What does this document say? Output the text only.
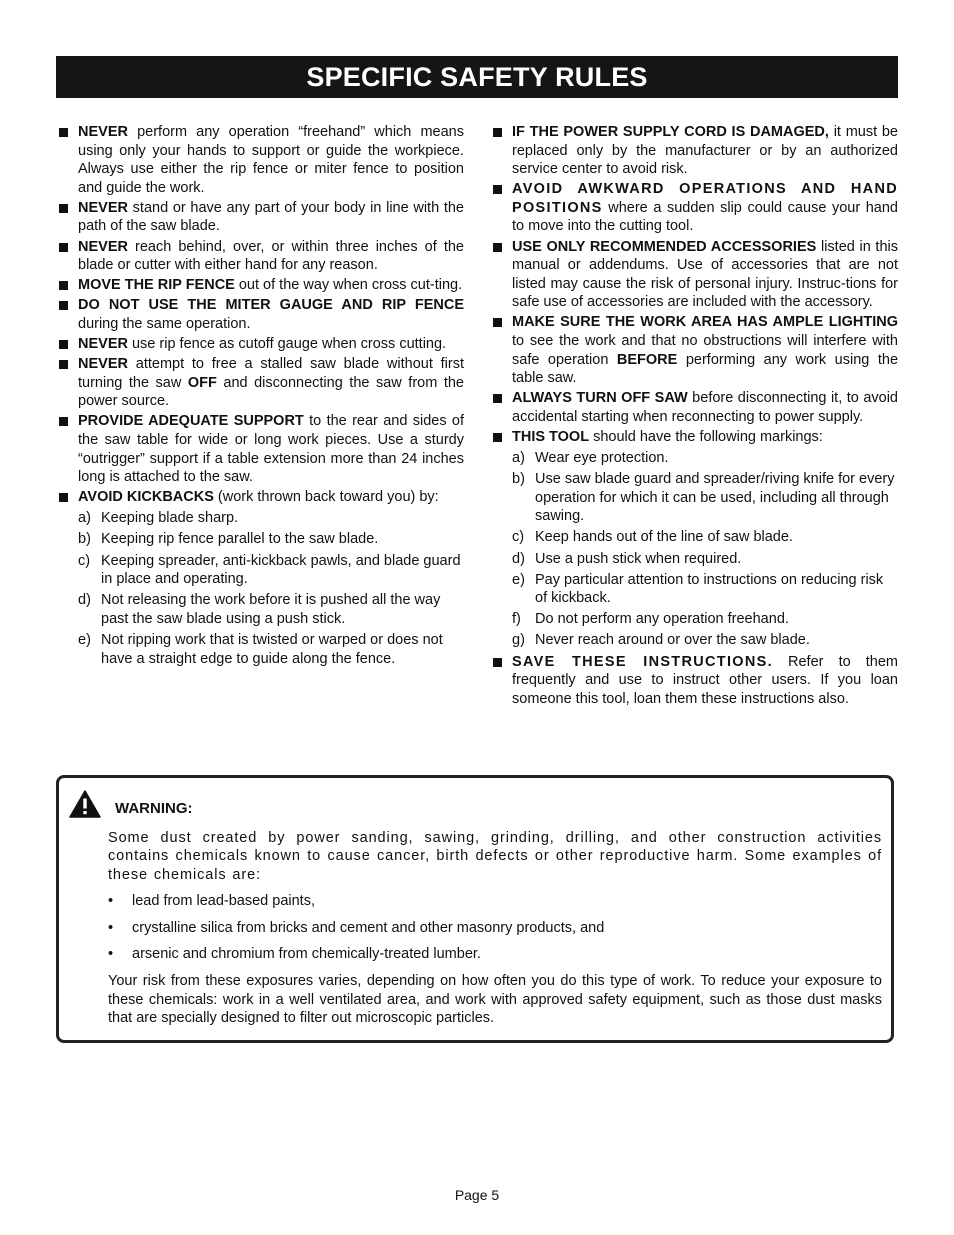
SPECIFIC SAFETY RULES
NEVER perform any operation “freehand” which means using only your hands to support or guide the workpiece. Always use either the rip fence or miter fence to position and guide the work.
NEVER stand or have any part of your body in line with the path of the saw blade.
NEVER reach behind, over, or within three inches of the blade or cutter with either hand for any reason.
MOVE THE RIP FENCE out of the way when cross cut-ting.
DO NOT USE THE MITER GAUGE AND RIP FENCE during the same operation.
NEVER use rip fence as cutoff gauge when cross cutting.
NEVER attempt to free a stalled saw blade without first turning the saw OFF and disconnecting the saw from the power source.
PROVIDE ADEQUATE SUPPORT to the rear and sides of the saw table for wide or long work pieces. Use a sturdy “outrigger” support if a table extension more than 24 inches long is attached to the saw.
AVOID KICKBACKS (work thrown back toward you) by:
a) Keeping blade sharp.
b) Keeping rip fence parallel to the saw blade.
c) Keeping spreader, anti-kickback pawls, and blade guard in place and operating.
d) Not releasing the work before it is pushed all the way past the saw blade using a push stick.
e) Not ripping work that is twisted or warped or does not have a straight edge to guide along the fence.
IF THE POWER SUPPLY CORD IS DAMAGED, it must be replaced only by the manufacturer or by an authorized service center to avoid risk.
AVOID AWKWARD OPERATIONS AND HAND POSITIONS where a sudden slip could cause your hand to move into the cutting tool.
USE ONLY RECOMMENDED ACCESSORIES listed in this manual or addendums. Use of accessories that are not listed may cause the risk of personal injury. Instruc-tions for safe use of accessories are included with the accessory.
MAKE SURE THE WORK AREA HAS AMPLE LIGHTING to see the work and that no obstructions will interfere with safe operation BEFORE performing any work using the table saw.
ALWAYS TURN OFF SAW before disconnecting it, to avoid accidental starting when reconnecting to power supply.
THIS TOOL should have the following markings:
a) Wear eye protection.
b) Use saw blade guard and spreader/riving knife for every operation for which it can be used, including all through sawing.
c) Keep hands out of the line of saw blade.
d) Use a push stick when required.
e) Pay particular attention to instructions on reducing risk of kickback.
f) Do not perform any operation freehand.
g) Never reach around or over the saw blade.
SAVE THESE INSTRUCTIONS. Refer to them frequently and use to instruct other users. If you loan someone this tool, loan them these instructions also.
WARNING:

Some dust created by power sanding, sawing, grinding, drilling, and other construction activities contains chemicals known to cause cancer, birth defects or other reproductive harm. Some examples of these chemicals are:

• lead from lead-based paints,
• crystalline silica from bricks and cement and other masonry products, and
• arsenic and chromium from chemically-treated lumber.

Your risk from these exposures varies, depending on how often you do this type of work. To reduce your exposure to these chemicals: work in a well ventilated area, and work with approved safety equipment, such as those dust masks that are specially designed to filter out microscopic particles.

Page 5
